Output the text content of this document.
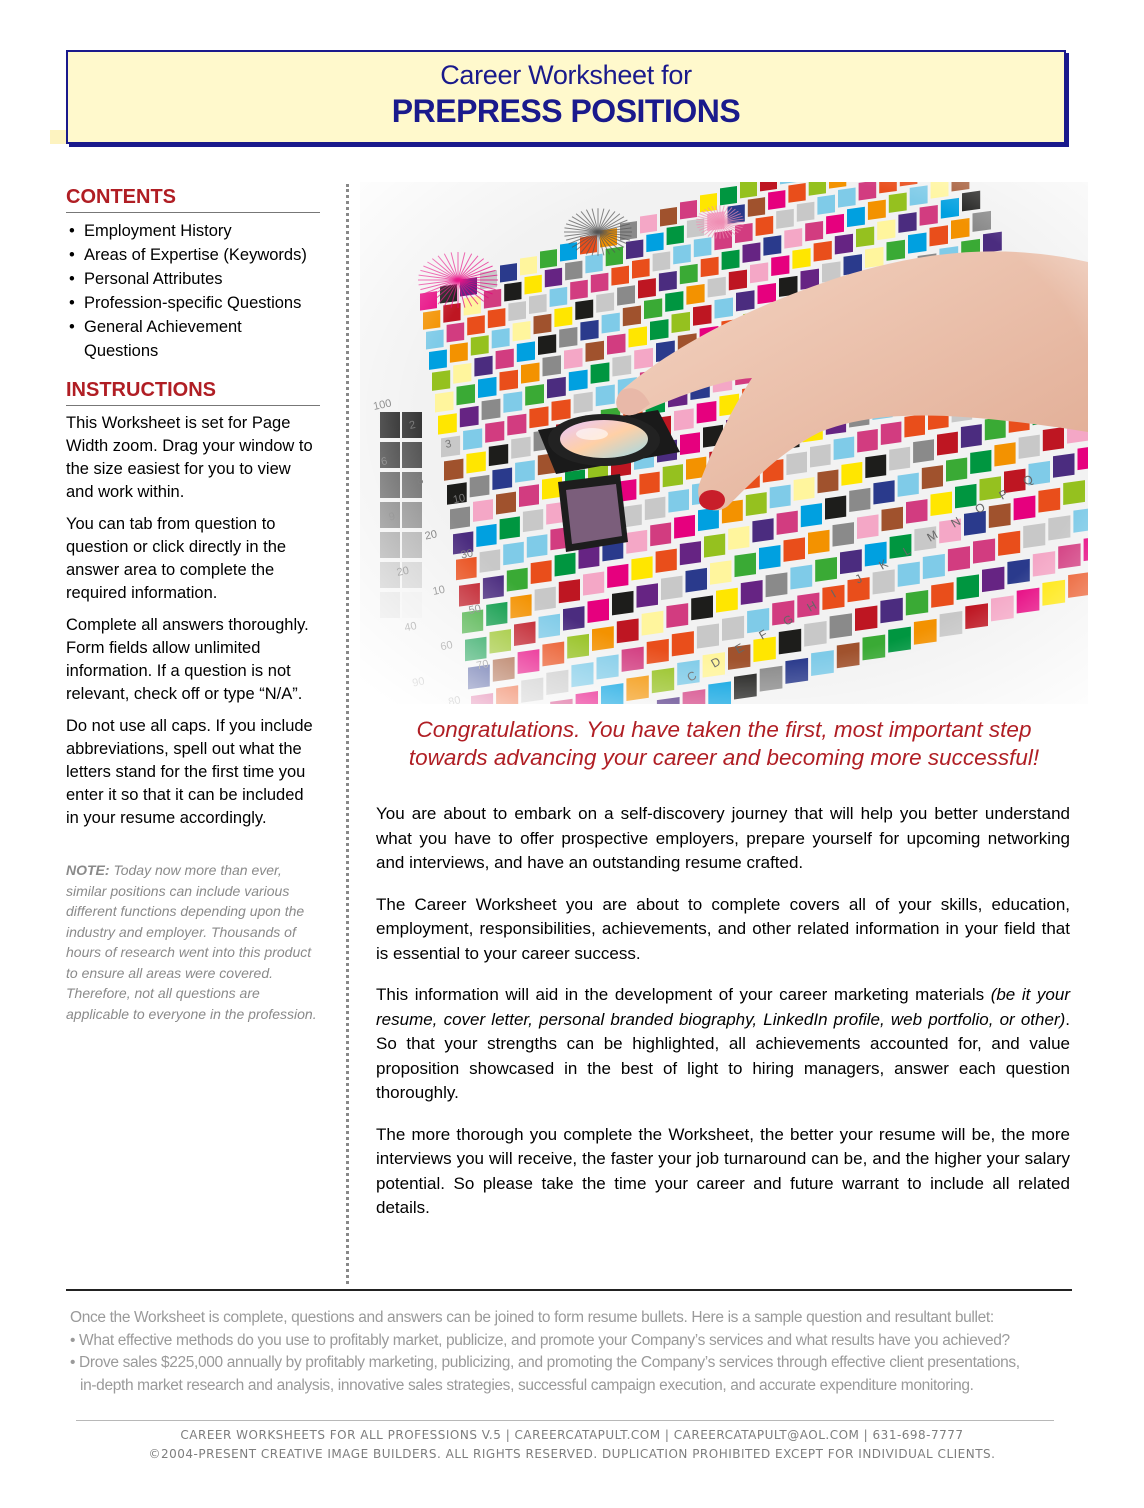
Career Worksheet for
PREPRESS POSITIONS
CONTENTS
• Employment History
• Areas of Expertise (Keywords)
• Personal Attributes
• Profession-specific Questions
• General Achievement Questions
INSTRUCTIONS

This Worksheet is set for Page Width zoom. Drag your window to the size easiest for you to view and work within.

You can tab from question to question or click directly in the answer area to complete the required information.

Complete all answers thoroughly. Form fields allow unlimited information. If a question is not relevant, check off or type “N/A”.

Do not use all caps. If you include abbreviations, spell out what the letters stand for the first time you enter it so that it can be included in your resume accordingly.

NOTE: Today now more than ever, similar positions can include various different functions depending upon the industry and employer. Thousands of hours of research went into this product to ensure all areas were covered. Therefore, not all questions are applicable to everyone in the profession.
Congratulations. You have taken the first, most important step
towards advancing your career and becoming more successful!

You are about to embark on a self-discovery journey that will help you better understand what you have to offer prospective employers, prepare yourself for upcoming networking and interviews, and have an outstanding resume crafted.

The Career Worksheet you are about to complete covers all of your skills, education, employment, responsibilities, achievements, and other related information in your field that is essential to your career success.

This information will aid in the development of your career marketing materials (be it your resume, cover letter, personal branded biography, LinkedIn profile, web portfolio, or other). So that your strengths can be highlighted, all achievements accounted for, and value proposition showcased in the best of light to hiring managers, answer each question thoroughly.

The more thorough you complete the Worksheet, the better your resume will be, the more interviews you will receive, the faster your job turnaround can be, and the higher your salary potential. So please take the time your career and future warrant to include all related details.

Once the Worksheet is complete, questions and answers can be joined to form resume bullets. Here is a sample question and resultant bullet:
• What effective methods do you use to profitably market, publicize, and promote your Company’s services and what results have you achieved?
• Drove sales $225,000 annually by profitably marketing, publicizing, and promoting the Company’s services through effective client presentations,
in-depth market research and analysis, innovative sales strategies, successful campaign execution, and accurate expenditure monitoring.
CAREER WORKSHEETS FOR ALL PROFESSIONS V.5 | CAREERCATAPULT.COM | CAREERCATAPULT@AOL.COM | 631-698-7777
©2004-PRESENT CREATIVE IMAGE BUILDERS. ALL RIGHTS RESERVED. DUPLICATION PROHIBITED EXCEPT FOR INDIVIDUAL CLIENTS.
